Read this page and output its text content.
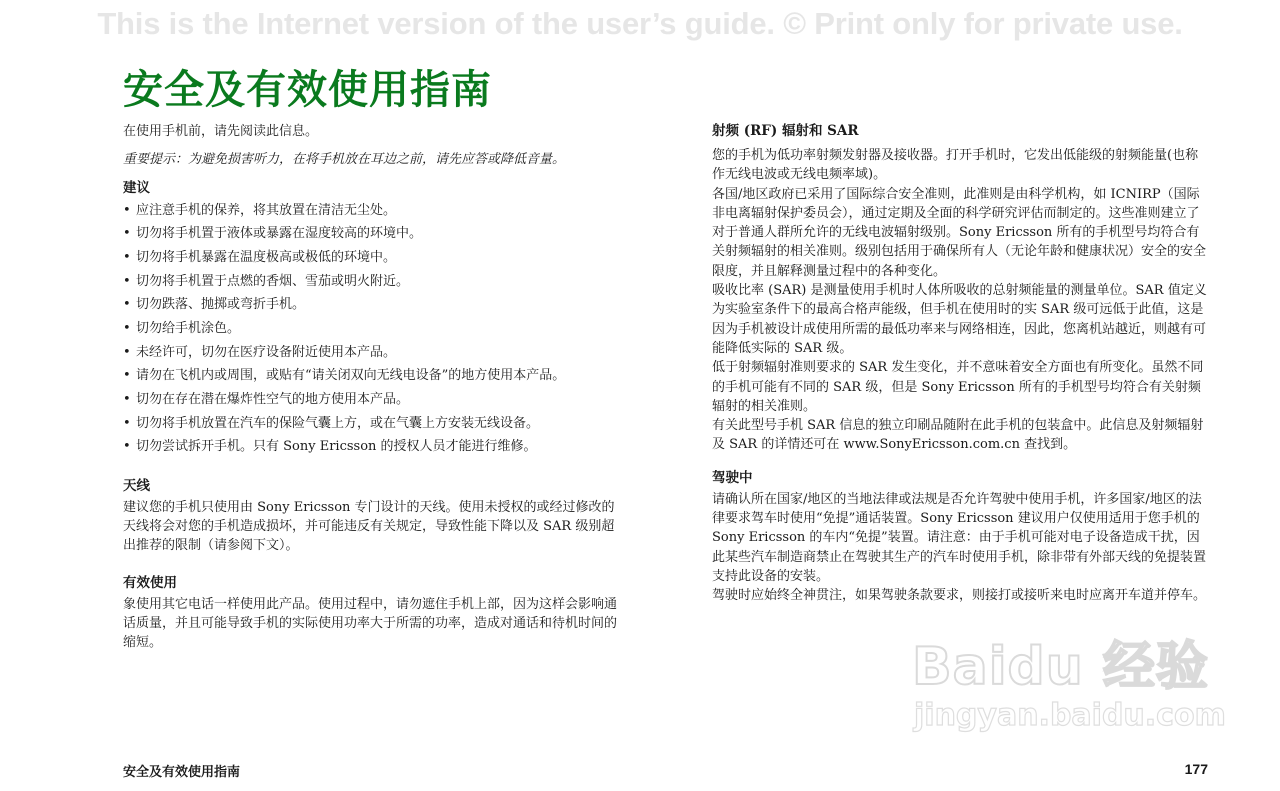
This is the Internet version of the user’s guide. © Print only for private use.
安全及有效使用指南

在使用手机前，请先阅读此信息。

重要提示：为避免损害听力，在将手机放在耳边之前，请先应答或降低音量。

建议
• 应注意手机的保养，将其放置在清洁无尘处。
• 切勿将手机置于液体或暴露在湿度较高的环境中。
• 切勿将手机暴露在温度极高或极低的环境中。
• 切勿将手机置于点燃的香烟、雪茄或明火附近。
• 切勿跌落、抛掷或弯折手机。
• 切勿给手机涂色。
• 未经许可，切勿在医疗设备附近使用本产品。
• 请勿在飞机内或周围，或贴有“请关闭双向无线电设备”的地方使用本产品。
• 切勿在存在潜在爆炸性空气的地方使用本产品。
• 切勿将手机放置在汽车的保险气囊上方，或在气囊上方安装无线设备。
• 切勿尝试拆开手机。只有 Sony Ericsson 的授权人员才能进行维修。
天线

建议您的手机只使用由 Sony Ericsson 专门设计的天线。使用未授权的或经过修改的天线将会对您的手机造成损坏，并可能违反有关规定，导致性能下降以及 SAR 级别超出推荐的限制（请参阅下文）。

有效使用

象使用其它电话一样使用此产品。使用过程中，请勿遮住手机上部，因为这样会影响通话质量，并且可能导致手机的实际使用功率大于所需的功率，造成对通话和待机时间的缩短。

射频 (RF) 辐射和 SAR

您的手机为低功率射频发射器及接收器。打开手机时，它发出低能级的射频能量(也称作无线电波或无线电频率域)。

各国/地区政府已采用了国际综合安全准则，此准则是由科学机构，如 ICNIRP（国际非电离辐射保护委员会），通过定期及全面的科学研究评估而制定的。这些准则建立了对于普通人群所允许的无线电波辐射级别。Sony Ericsson 所有的手机型号均符合有关射频辐射的相关准则。级别包括用于确保所有人（无论年龄和健康状况）安全的安全限度，并且解释测量过程中的各种变化。

吸收比率 (SAR) 是测量使用手机时人体所吸收的总射频能量的测量单位。SAR 值定义为实验室条件下的最高合格声能级，但手机在使用时的实 SAR 级可远低于此值，这是因为手机被设计成使用所需的最低功率来与网络相连，因此，您离机站越近，则越有可能降低实际的 SAR 级。

低于射频辐射准则要求的 SAR 发生变化，并不意味着安全方面也有所变化。虽然不同的手机可能有不同的 SAR 级，但是 Sony Ericsson 所有的手机型号均符合有关射频辐射的相关准则。

有关此型号手机 SAR 信息的独立印刷品随附在此手机的包装盒中。此信息及射频辐射及 SAR 的详情还可在 www.SonyEricsson.com.cn 查找到。

驾驶中

请确认所在国家/地区的当地法律或法规是否允许驾驶中使用手机，许多国家/地区的法律要求驾车时使用“免提”通话装置。Sony Ericsson 建议用户仅使用适用于您手机的 Sony Ericsson 的车内“免提”装置。请注意：由于手机可能对电子设备造成干扰，因此某些汽车制造商禁止在驾驶其生产的汽车时使用手机，除非带有外部天线的免提装置支持此设备的安装。

驾驶时应始终全神贯注，如果驾驶条款要求，则接打或接听来电时应离开车道并停车。

Baidu 经验
jingyan.baidu.com
安全及有效使用指南	177
